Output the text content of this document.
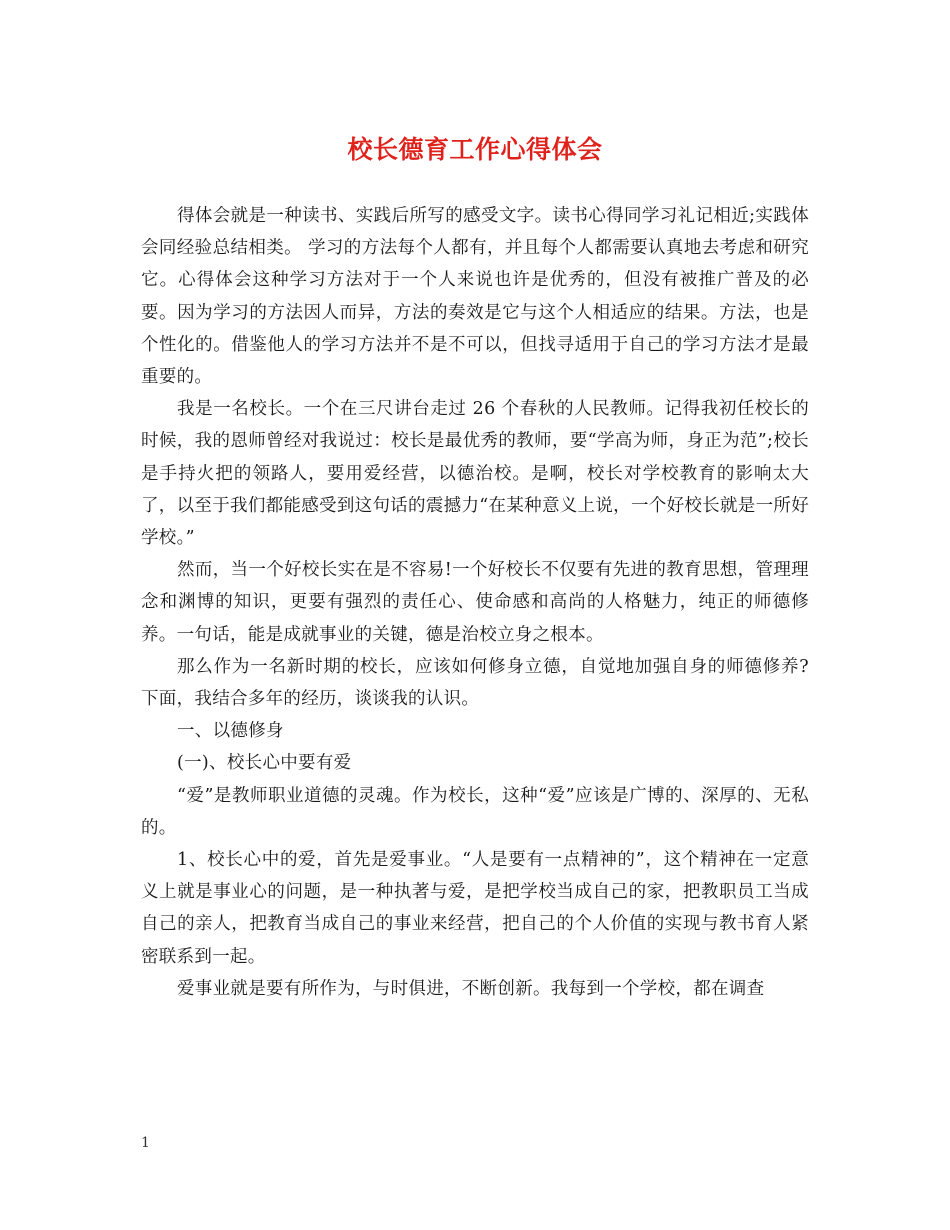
校长德育工作心得体会

得体会就是一种读书、实践后所写的感受文字。读书心得同学习礼记相近;实践体会同经验总结相类。 学习的方法每个人都有，并且每个人都需要认真地去考虑和研究它。心得体会这种学习方法对于一个人来说也许是优秀的，但没有被推广普及的必要。因为学习的方法因人而异，方法的奏效是它与这个人相适应的结果。方法，也是个性化的。借鉴他人的学习方法并不是不可以，但找寻适用于自己的学习方法才是最重要的。

我是一名校长。一个在三尺讲台走过 26 个春秋的人民教师。记得我初任校长的时候，我的恩师曾经对我说过：校长是最优秀的教师，要“学高为师，身正为范”;校长是手持火把的领路人，要用爱经营，以德治校。是啊，校长对学校教育的影响太大了，以至于我们都能感受到这句话的震撼力“在某种意义上说，一个好校长就是一所好学校。”

然而，当一个好校长实在是不容易!一个好校长不仅要有先进的教育思想，管理理念和渊博的知识，更要有强烈的责任心、使命感和高尚的人格魅力，纯正的师德修养。一句话，能是成就事业的关键，德是治校立身之根本。

那么作为一名新时期的校长，应该如何修身立德，自觉地加强自身的师德修养?下面，我结合多年的经历，谈谈我的认识。

一、以德修身

(一)、校长心中要有爱

“爱”是教师职业道德的灵魂。作为校长，这种“爱”应该是广博的、深厚的、无私的。

1、校长心中的爱，首先是爱事业。“人是要有一点精神的”，这个精神在一定意义上就是事业心的问题，是一种执著与爱，是把学校当成自己的家，把教职员工当成自己的亲人，把教育当成自己的事业来经营，把自己的个人价值的实现与教书育人紧密联系到一起。

爱事业就是要有所作为，与时俱进，不断创新。我每到一个学校，都在调查

1
